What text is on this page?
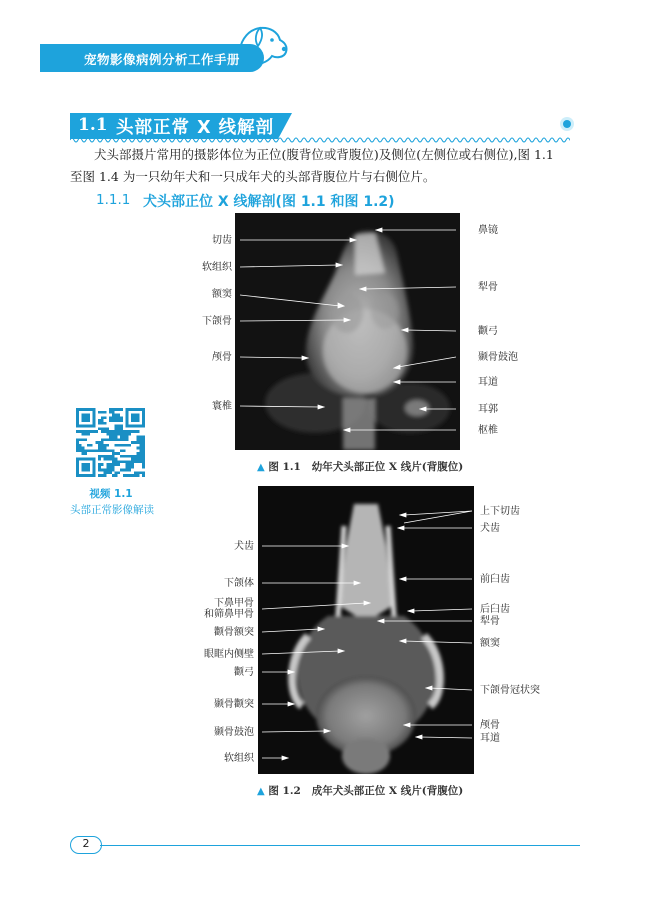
宠物影像病例分析工作手册
1.1 头部正常 X 线解剖
犬头部摄片常用的摄影体位为正位(腹背位或背腹位)及侧位(左侧位或右侧位),图 1.1
至图 1.4 为一只幼年犬和一只成年犬的头部背腹位片与右侧位片。
1.1.1 犬头部正位 X 线解剖(图 1.1 和图 1.2)
切齿
软组织
额窦
下颌骨
颅骨
寰椎
鼻镜
犁骨
颧弓
颞骨鼓泡
耳道
耳郭
枢椎
▲ 图 1.1 幼年犬头部正位 X 线片(背腹位)
犬齿
下颌体
下鼻甲骨
和筛鼻甲骨
颧骨额突
眼眶内侧壁
颧弓
颞骨颧突
颞骨鼓泡
软组织
上下切齿
犬齿
前臼齿
后臼齿
犁骨
额窦
下颌骨冠状突
颅骨
耳道
▲ 图 1.2 成年犬头部正位 X 线片(背腹位)
视频 1.1
头部正常影像解读
2
